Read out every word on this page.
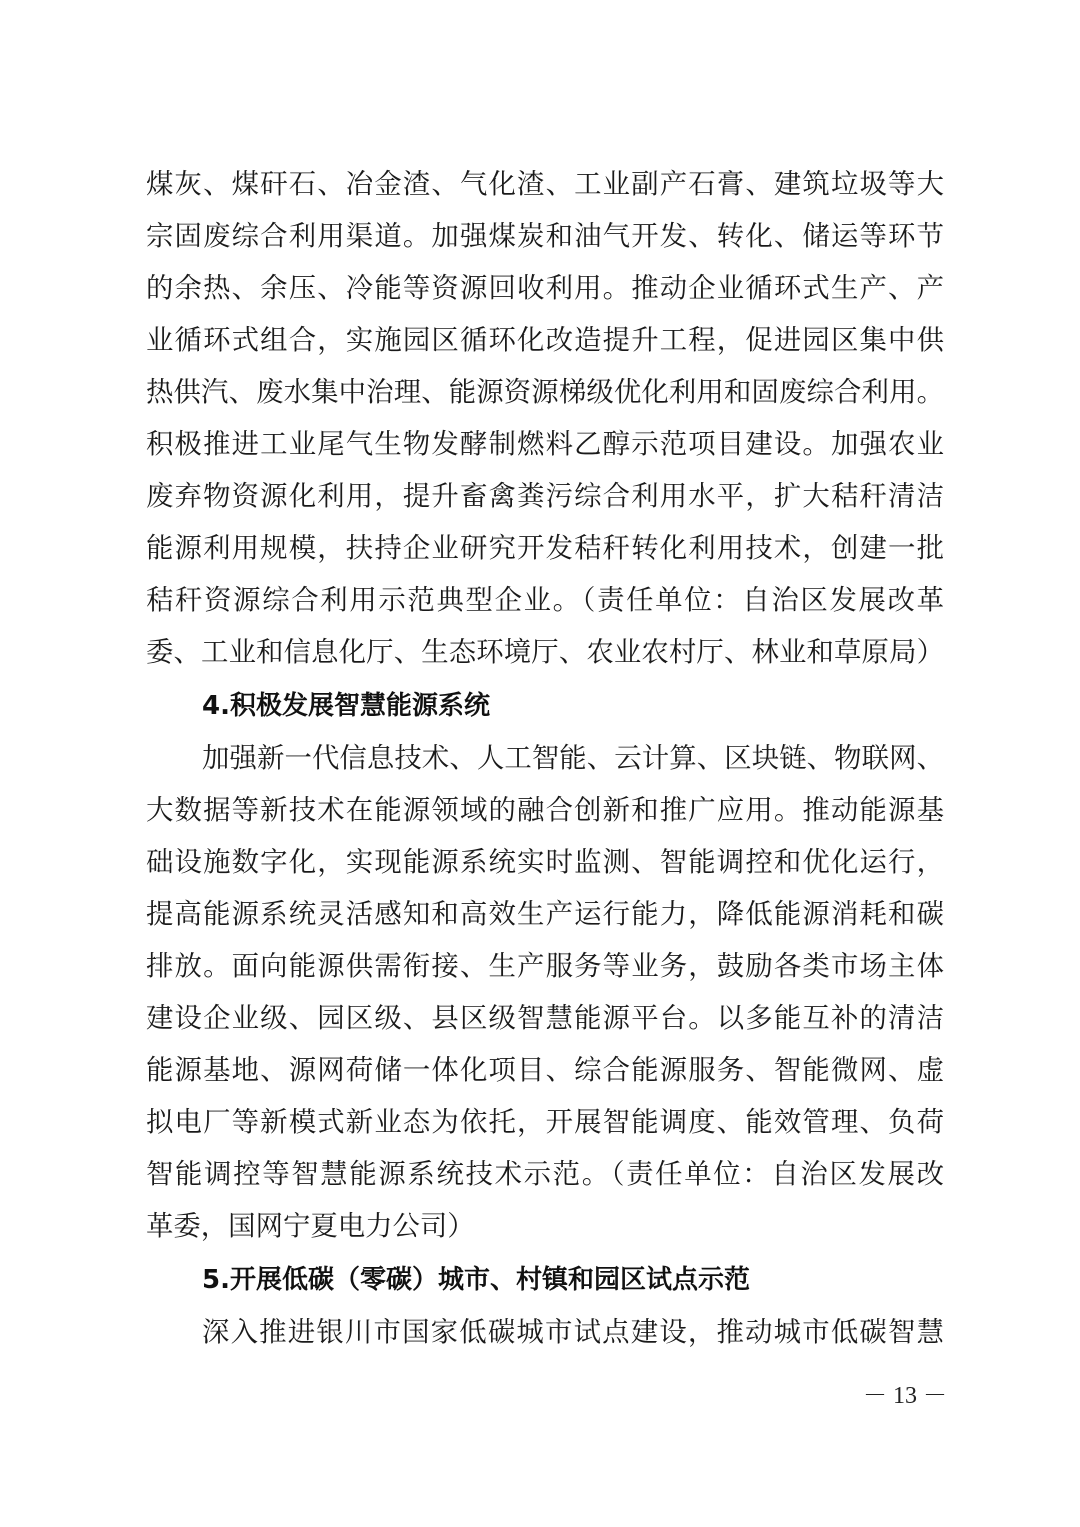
煤灰、煤矸石、冶金渣、气化渣、工业副产石膏、建筑垃圾等大
宗固废综合利用渠道。加强煤炭和油气开发、转化、储运等环节
的余热、余压、冷能等资源回收利用。推动企业循环式生产、产
业循环式组合，实施园区循环化改造提升工程，促进园区集中供
热供汽、废水集中治理、能源资源梯级优化利用和固废综合利用。
积极推进工业尾气生物发酵制燃料乙醇示范项目建设。加强农业
废弃物资源化利用，提升畜禽粪污综合利用水平，扩大秸秆清洁
能源利用规模，扶持企业研究开发秸秆转化利用技术，创建一批
秸秆资源综合利用示范典型企业。（责任单位：自治区发展改革
委、工业和信息化厅、生态环境厅、农业农村厅、林业和草原局）
4.积极发展智慧能源系统
加强新一代信息技术、人工智能、云计算、区块链、物联网、
大数据等新技术在能源领域的融合创新和推广应用。推动能源基
础设施数字化，实现能源系统实时监测、智能调控和优化运行，
提高能源系统灵活感知和高效生产运行能力，降低能源消耗和碳
排放。面向能源供需衔接、生产服务等业务，鼓励各类市场主体
建设企业级、园区级、县区级智慧能源平台。以多能互补的清洁
能源基地、源网荷储一体化项目、综合能源服务、智能微网、虚
拟电厂等新模式新业态为依托，开展智能调度、能效管理、负荷
智能调控等智慧能源系统技术示范。（责任单位：自治区发展改
革委，国网宁夏电力公司）
5.开展低碳（零碳）城市、村镇和园区试点示范
深入推进银川市国家低碳城市试点建设，推动城市低碳智慧
－ 13 －
